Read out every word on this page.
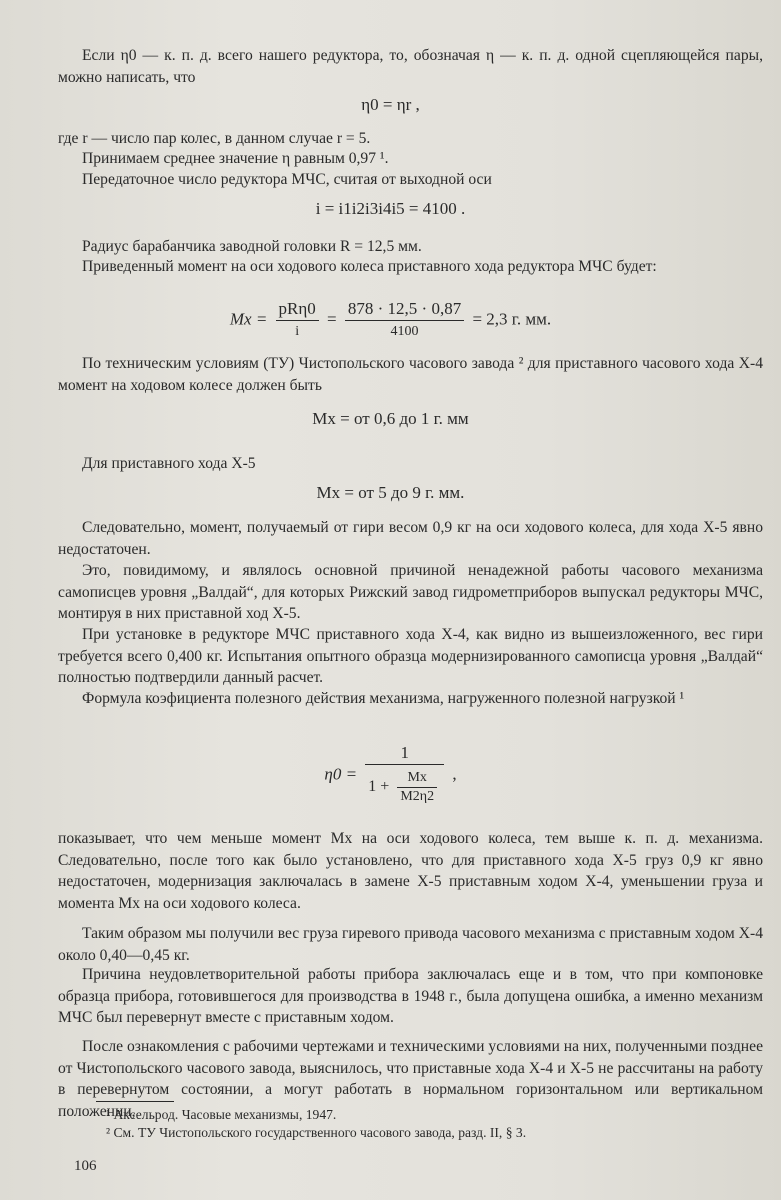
Если η0 — к. п. д. всего нашего редуктора, то, обозначая η — к. п. д. одной сцепляющейся пары, можно написать, что

η0 = ηr ,

где r — число пар колес, в данном случае r = 5.

Принимаем среднее значение η равным 0,97 ¹.

Передаточное число редуктора МЧС, считая от выходной оси

i = i1i2i3i4i5 = 4100 .

Радиус барабанчика заводной головки R = 12,5 мм.

Приведенный момент на оси ходового колеса приставного хода редуктора МЧС будет:

$Mx = \frac{\text{pRη0}}{i} = \frac{878 \cdot 12,5 \cdot 0,87}{4100} = 2,3$ г. мм.

По техническим условиям (ТУ) Чистопольского часового завода ² для приставного часового хода Х-4 момент на ходовом колесе должен быть

Mx = от 0,6 до 1 г. мм

Для приставного хода Х-5

Mx = от 5 до 9 г. мм.

Следовательно, момент, получаемый от гири весом 0,9 кг на оси ходового колеса, для хода Х-5 явно недостаточен.

Это, повидимому, и являлось основной причиной ненадежной работы часового механизма самописцев уровня „Валдай“, для которых Рижский завод гидрометприборов выпускал редукторы МЧС, монтируя в них приставной ход Х-5.

При установке в редукторе МЧС приставного хода Х-4, как видно из вышеизложенного, вес гири требуется всего 0,400 кг. Испытания опытного образца модернизированного самописца уровня „Валдай“ полностью подтвердили данный расчет.

Формула коэфициента полезного действия механизма, нагруженного полезной нагрузкой ¹

$\eta 0 = \frac{1}{1 + \frac{Mx}{M2\eta 2}}$ ,

показывает, что чем меньше момент Mx на оси ходового колеса, тем выше к. п. д. механизма. Следовательно, после того как было установлено, что для приставного хода Х-5 груз 0,9 кг явно недостаточен, модернизация заключалась в замене Х-5 приставным ходом Х-4, уменьшении груза и момента Mx на оси ходового колеса.

Таким образом мы получили вес груза гиревого привода часового механизма с приставным ходом Х-4 около 0,40—0,45 кг.

Причина неудовлетворительной работы прибора заключалась еще и в том, что при компоновке образца прибора, готовившегося для производства в 1948 г., была допущена ошибка, а именно механизм МЧС был перевернут вместе с приставным ходом.

После ознакомления с рабочими чертежами и техническими условиями на них, полученными позднее от Чистопольского часового завода, выяснилось, что приставные хода Х-4 и Х-5 не рассчитаны на работу в перевернутом состоянии, а могут работать в нормальном горизонтальном или вертикальном положении,

¹ Аксельрод. Часовые механизмы, 1947.

² См. ТУ Чистопольского государственного часового завода, разд. II, § 3.

106
